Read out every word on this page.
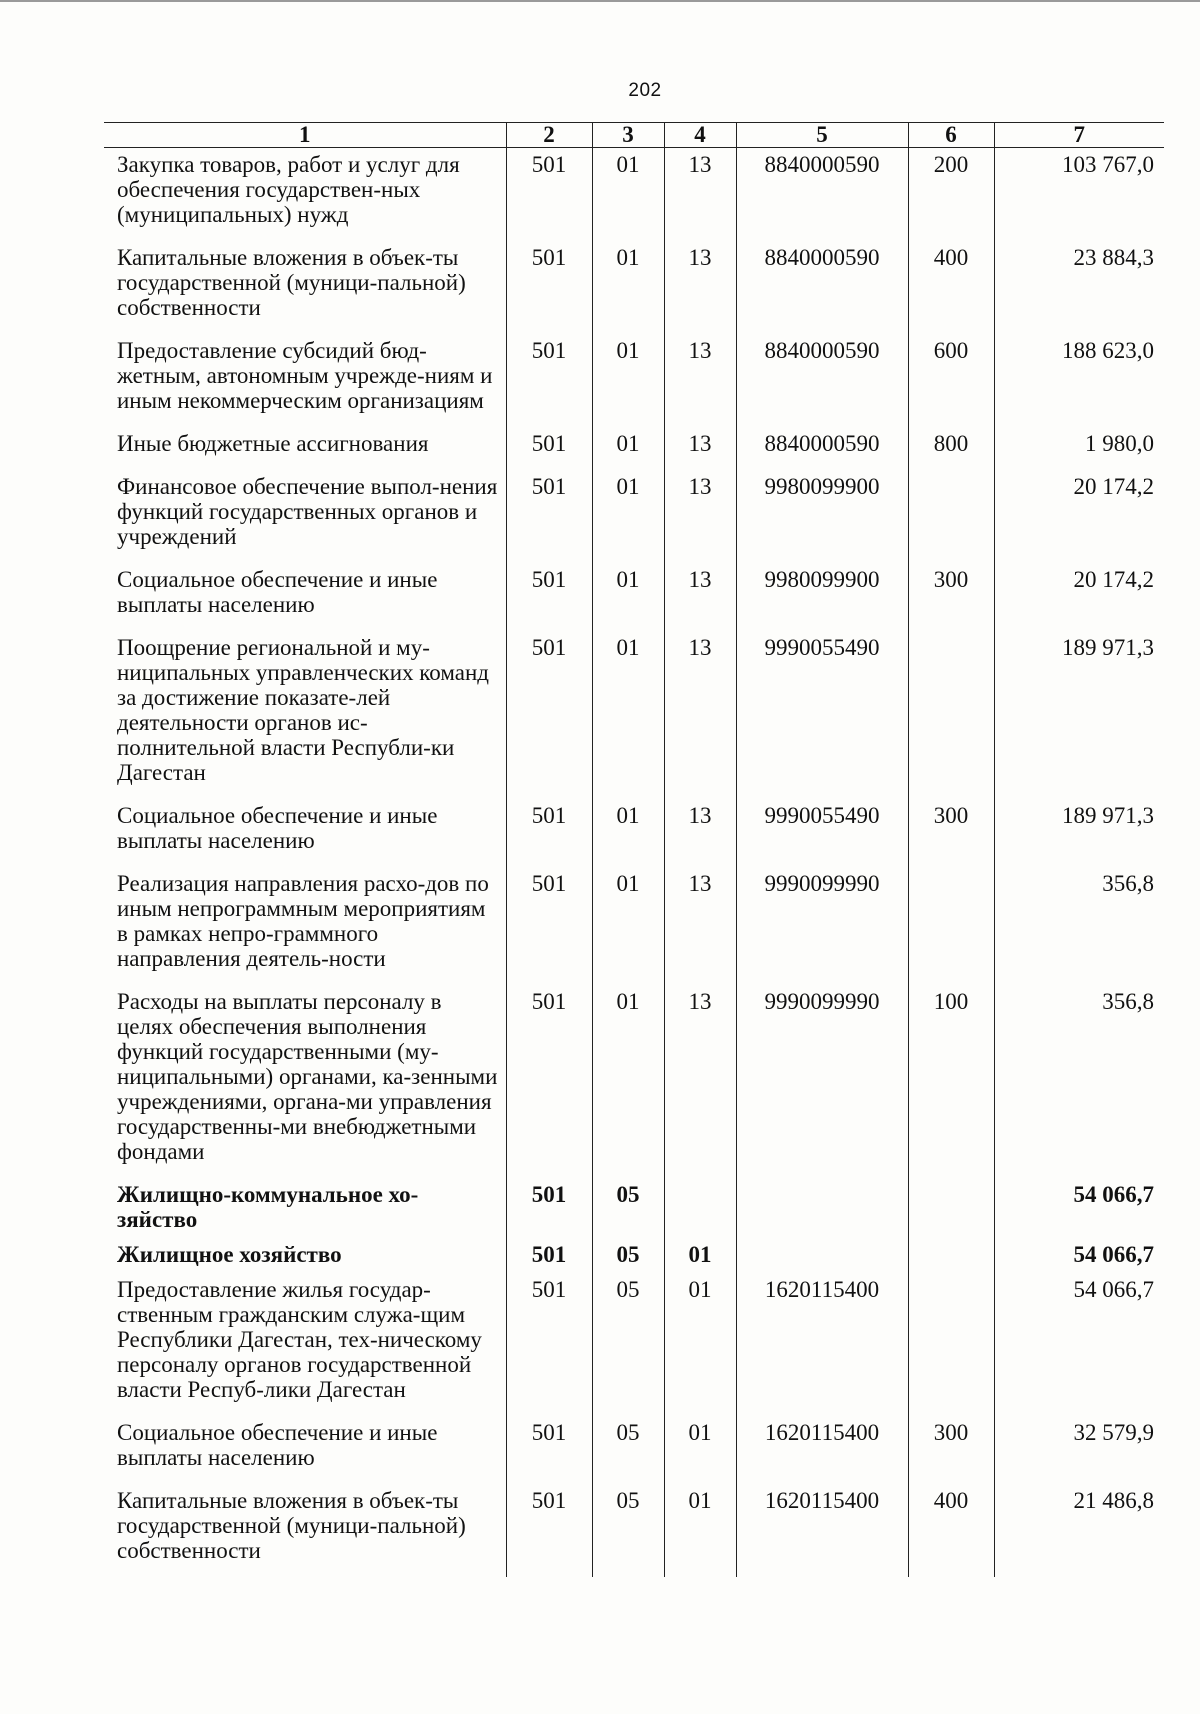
202
1	2	3	4	5	6	7
Закупка товаров, работ и услуг для обеспечения государствен-ных (муниципальных) нужд	501	01	13	8840000590	200	103 767,0
Капитальные вложения в объек-ты государственной (муници-пальной) собственности	501	01	13	8840000590	400	23 884,3
Предоставление субсидий бюд-жетным, автономным учрежде-ниям и иным некоммерческим организациям	501	01	13	8840000590	600	188 623,0
Иные бюджетные ассигнования	501	01	13	8840000590	800	1 980,0
Финансовое обеспечение выпол-нения функций государственных органов и учреждений	501	01	13	9980099900		20 174,2
Социальное обеспечение и иные выплаты населению	501	01	13	9980099900	300	20 174,2
Поощрение региональной и му-ниципальных управленческих команд за достижение показате-лей деятельности органов ис-полнительной власти Республи-ки Дагестан	501	01	13	9990055490		189 971,3
Социальное обеспечение и иные выплаты населению	501	01	13	9990055490	300	189 971,3
Реализация направления расхо-дов по иным непрограммным мероприятиям в рамках непро-граммного направления деятель-ности	501	01	13	9990099990		356,8
Расходы на выплаты персоналу в целях обеспечения выполнения функций государственными (му-ниципальными) органами, ка-зенными учреждениями, органа-ми управления государственны-ми внебюджетными фондами	501	01	13	9990099990	100	356,8
Жилищно-коммунальное хо-зяйство	501	05				54 066,7
Жилищное хозяйство	501	05	01			54 066,7
Предоставление жилья государ-ственным гражданским служа-щим Республики Дагестан, тех-ническому персоналу органов государственной власти Респуб-лики Дагестан	501	05	01	1620115400		54 066,7
Социальное обеспечение и иные выплаты населению	501	05	01	1620115400	300	32 579,9
Капитальные вложения в объек-ты государственной (муници-пальной) собственности	501	05	01	1620115400	400	21 486,8
